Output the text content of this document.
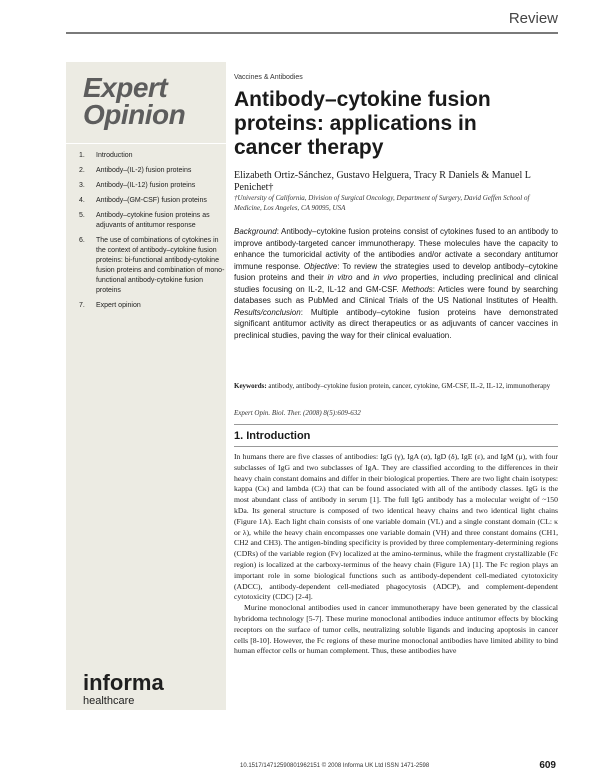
Review
Expert
Opinion
1.	Introduction
2.	Antibody–(IL-2) fusion proteins
3.	Antibody–(IL-12) fusion proteins
4.	Antibody–(GM-CSF) fusion proteins
5.	Antibody–cytokine fusion proteins as adjuvants of antitumor response
6.	The use of combinations of cytokines in the context of antibody–cytokine fusion proteins: bi-functional antibody-cytokine fusion proteins and combination of mono-functional antibody-cytokine fusion proteins
7.	Expert opinion
informa
healthcare
Vaccines & Antibodies
Antibody–cytokine fusion proteins: applications in cancer therapy
Elizabeth Ortiz-Sánchez, Gustavo Helguera, Tracy R Daniels & Manuel L Penichet†
†University of California, Division of Surgical Oncology, Department of Surgery, David Geffen School of Medicine, Los Angeles, CA 90095, USA

Background: Antibody–cytokine fusion proteins consist of cytokines fused to an antibody to improve antibody-targeted cancer immunotherapy. These molecules have the capacity to enhance the tumoricidal activity of the antibodies and/or activate a secondary antitumor immune response. Objective: To review the strategies used to develop antibody–cytokine fusion proteins and their in vitro and in vivo properties, including preclinical and clinical studies focusing on IL-2, IL-12 and GM-CSF. Methods: Articles were found by searching databases such as PubMed and Clinical Trials of the US National Institutes of Health. Results/conclusion: Multiple antibody–cytokine fusion proteins have demonstrated significant antitumor activity as direct therapeutics or as adjuvants of cancer vaccines in preclinical studies, paving the way for their clinical evaluation.

Keywords: antibody, antibody–cytokine fusion protein, cancer, cytokine, GM-CSF, IL-2, IL-12, immunotherapy
Expert Opin. Biol. Ther. (2008) 8(5):609-632
1. Introduction

In humans there are five classes of antibodies: IgG (γ), IgA (α), IgD (δ), IgE (ε), and IgM (μ), with four subclasses of IgG and two subclasses of IgA. They are classified according to the differences in their heavy chain constant domains and differ in their biological properties. There are two light chain isotypes: kappa (Cκ) and lambda (Cλ) that can be found associated with all of the antibody classes. IgG is the most abundant class of antibody in serum [1]. The full IgG antibody has a molecular weight of ~150 kDa. Its general structure is composed of two identical heavy chains and two identical light chains (Figure 1A). Each light chain consists of one variable domain (VL) and a single constant domain (CL: κ or λ), while the heavy chain encompasses one variable domain (VH) and three constant domains (CH1, CH2 and CH3). The antigen-binding specificity is provided by three complementary-determining regions (CDRs) of the variable region (Fv) localized at the amino-terminus, while the fragment crystallizable (Fc region) is localized at the carboxy-terminus of the heavy chain (Figure 1A) [1]. The Fc region plays an important role in some biological functions such as antibody-dependent cell-mediated cytotoxicity (ADCC), antibody-dependent cell-mediated phagocytosis (ADCP), and complement-dependent cytotoxicity (CDC) [2-4].

Murine monoclonal antibodies used in cancer immunotherapy have been generated by the classical hybridoma technology [5-7]. These murine monoclonal antibodies induce antitumor effects by blocking receptors on the surface of tumor cells, neutralizing soluble ligands and inducing apoptosis in cancer cells [8-10]. However, the Fc regions of these murine monoclonal antibodies have limited ability to bind human effector cells or human complement. Thus, these antibodies have

10.1517/14712590801962151 © 2008 Informa UK Ltd ISSN 1471-2598	609
